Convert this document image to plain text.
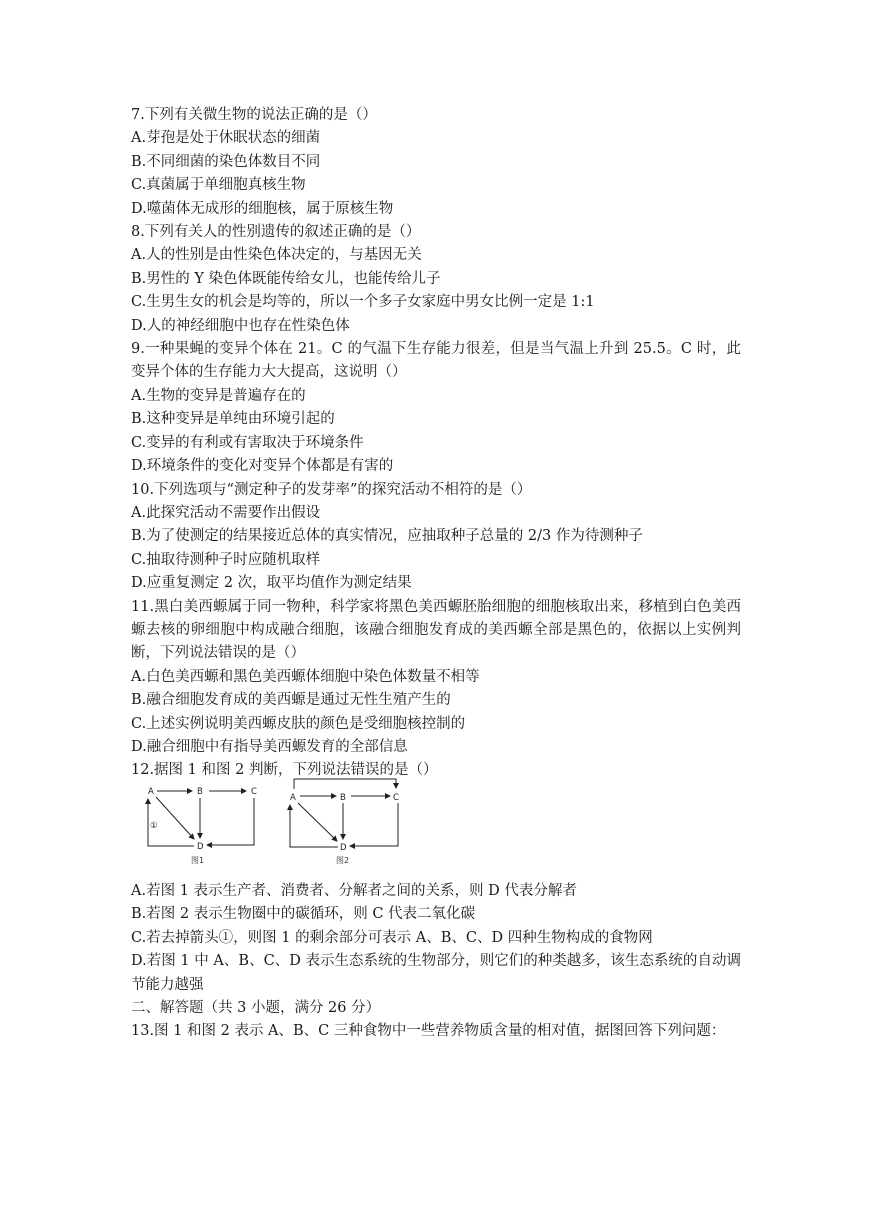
7.下列有关微生物的说法正确的是（）

A.芽孢是处于休眠状态的细菌

B.不同细菌的染色体数目不同

C.真菌属于单细胞真核生物

D.噬菌体无成形的细胞核，属于原核生物

8.下列有关人的性别遗传的叙述正确的是（）

A.人的性别是由性染色体决定的，与基因无关

B.男性的 Y 染色体既能传给女儿，也能传给儿子

C.生男生女的机会是均等的，所以一个多子女家庭中男女比例一定是 1:1

D.人的神经细胞中也存在性染色体

9.一种果蝇的变异个体在 21。C 的气温下生存能力很差，但是当气温上升到 25.5。C 时，此变异个体的生存能力大大提高，这说明（）

A.生物的变异是普遍存在的

B.这种变异是单纯由环境引起的

C.变异的有利或有害取决于环境条件

D.环境条件的变化对变异个体都是有害的

10.下列选项与“测定种子的发芽率”的探究活动不相符的是（）

A.此探究活动不需要作出假设

B.为了使测定的结果接近总体的真实情况，应抽取种子总量的 2/3 作为待测种子

C.抽取待测种子时应随机取样

D.应重复测定 2 次，取平均值作为测定结果

11.黑白美西螈属于同一物种，科学家将黑色美西螈胚胎细胞的细胞核取出来，移植到白色美西螈去核的卵细胞中构成融合细胞，该融合细胞发育成的美西螈全部是黑色的，依据以上实例判断，下列说法错误的是（）

A.白色美西螈和黑色美西螈体细胞中染色体数量不相等

B.融合细胞发育成的美西螈是通过无性生殖产生的

C.上述实例说明美西螈皮肤的颜色是受细胞核控制的

D.融合细胞中有指导美西螈发育的全部信息

12.据图 1 和图 2 判断，下列说法错误的是（）

A	B	C
D
①
图1
A	B	C
D
图2

A.若图 1 表示生产者、消费者、分解者之间的关系，则 D 代表分解者

B.若图 2 表示生物圈中的碳循环，则 C 代表二氧化碳

C.若去掉箭头①，则图 1 的剩余部分可表示 A、B、C、D 四种生物构成的食物网

D.若图 1 中 A、B、C、D 表示生态系统的生物部分，则它们的种类越多，该生态系统的自动调节能力越强

二、解答题（共 3 小题，满分 26 分）

13.图 1 和图 2 表示 A、B、C 三种食物中一些营养物质含量的相对值，据图回答下列问题：
